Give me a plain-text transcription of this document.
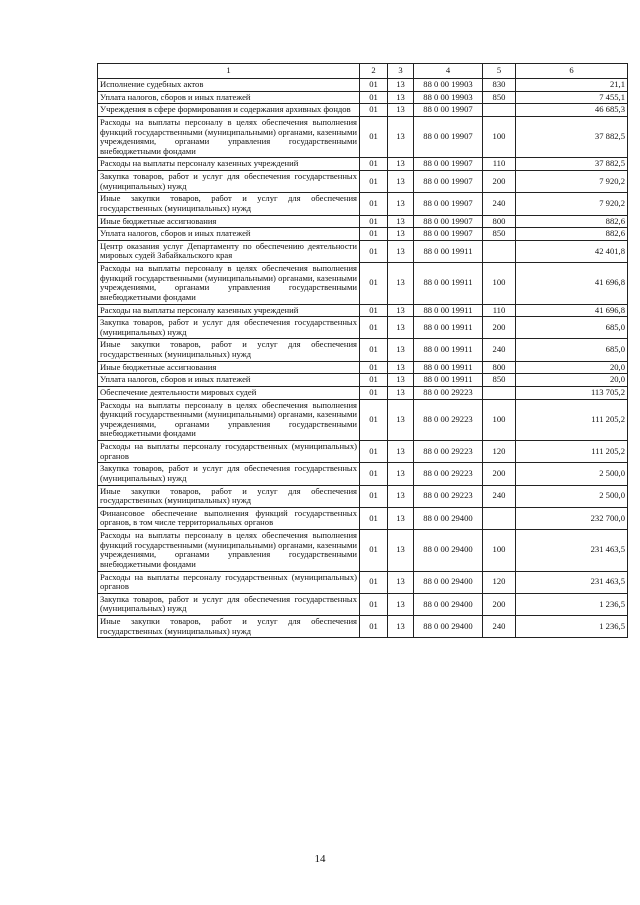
1	2	3	4	5	6
Исполнение судебных актов	01	13	88 0 00 19903	830	21,1
Уплата налогов, сборов и иных платежей	01	13	88 0 00 19903	850	7 455,1
Учреждения в сфере формирования и содержания архивных фондов	01	13	88 0 00 19907		46 685,3
Расходы на выплаты персоналу в целях обеспечения выполнения функций государственными (муниципальными) органами, казенными учреждениями, органами управления государственными внебюджетными фондами	01	13	88 0 00 19907	100	37 882,5
Расходы на выплаты персоналу казенных учреждений	01	13	88 0 00 19907	110	37 882,5
Закупка товаров, работ и услуг для обеспечения государственных (муниципальных) нужд	01	13	88 0 00 19907	200	7 920,2
Иные закупки товаров, работ и услуг для обеспечения государственных (муниципальных) нужд	01	13	88 0 00 19907	240	7 920,2
Иные бюджетные ассигнования	01	13	88 0 00 19907	800	882,6
Уплата налогов, сборов и иных платежей	01	13	88 0 00 19907	850	882,6
Центр оказания услуг Департаменту по обеспечению деятельности мировых судей Забайкальского края	01	13	88 0 00 19911		42 401,8
Расходы на выплаты персоналу в целях обеспечения выполнения функций государственными (муниципальными) органами, казенными учреждениями, органами управления государственными внебюджетными фондами	01	13	88 0 00 19911	100	41 696,8
Расходы на выплаты персоналу казенных учреждений	01	13	88 0 00 19911	110	41 696,8
Закупка товаров, работ и услуг для обеспечения государственных (муниципальных) нужд	01	13	88 0 00 19911	200	685,0
Иные закупки товаров, работ и услуг для обеспечения государственных (муниципальных) нужд	01	13	88 0 00 19911	240	685,0
Иные бюджетные ассигнования	01	13	88 0 00 19911	800	20,0
Уплата налогов, сборов и иных платежей	01	13	88 0 00 19911	850	20,0
Обеспечение деятельности мировых судей	01	13	88 0 00 29223		113 705,2
Расходы на выплаты персоналу в целях обеспечения выполнения функций государственными (муниципальными) органами, казенными учреждениями, органами управления государственными внебюджетными фондами	01	13	88 0 00 29223	100	111 205,2
Расходы на выплаты персоналу государственных (муниципальных) органов	01	13	88 0 00 29223	120	111 205,2
Закупка товаров, работ и услуг для обеспечения государственных (муниципальных) нужд	01	13	88 0 00 29223	200	2 500,0
Иные закупки товаров, работ и услуг для обеспечения государственных (муниципальных) нужд	01	13	88 0 00 29223	240	2 500,0
Финансовое обеспечение выполнения функций государственных органов, в том числе территориальных органов	01	13	88 0 00 29400		232 700,0
Расходы на выплаты персоналу в целях обеспечения выполнения функций государственными (муниципальными) органами, казенными учреждениями, органами управления государственными внебюджетными фондами	01	13	88 0 00 29400	100	231 463,5
Расходы на выплаты персоналу государственных (муниципальных) органов	01	13	88 0 00 29400	120	231 463,5
Закупка товаров, работ и услуг для обеспечения государственных (муниципальных) нужд	01	13	88 0 00 29400	200	1 236,5
Иные закупки товаров, работ и услуг для обеспечения государственных (муниципальных) нужд	01	13	88 0 00 29400	240	1 236,5
14
